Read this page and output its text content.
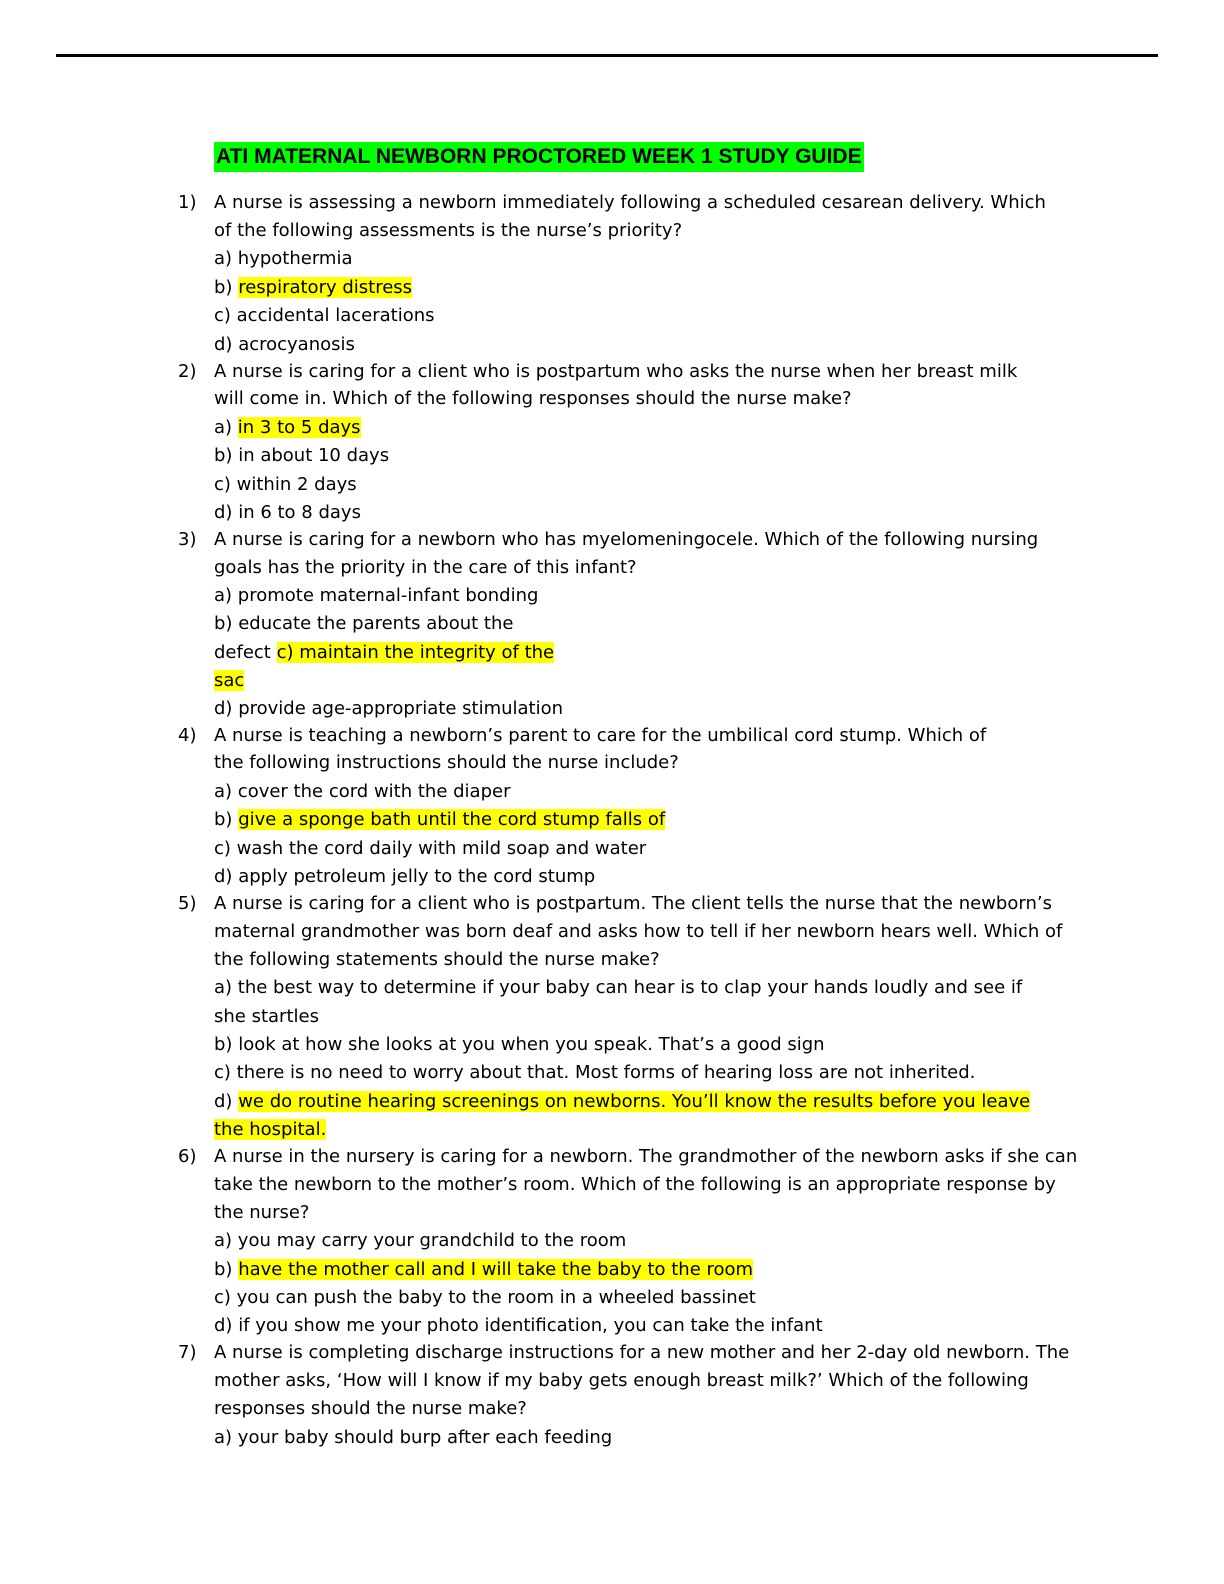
ATI MATERNAL NEWBORN PROCTORED WEEK 1 STUDY GUIDE
1) A nurse is assessing a newborn immediately following a scheduled cesarean delivery. Which
of the following assessments is the nurse’s priority?
a) hypothermia
b) respiratory distress
c) accidental lacerations
d) acrocyanosis
2) A nurse is caring for a client who is postpartum who asks the nurse when her breast milk
will come in. Which of the following responses should the nurse make?
a) in 3 to 5 days
b) in about 10 days
c) within 2 days
d) in 6 to 8 days
3) A nurse is caring for a newborn who has myelomeningocele. Which of the following nursing
goals has the priority in the care of this infant?
a) promote maternal-infant bonding
b) educate the parents about the
defect c) maintain the integrity of the
sac
d) provide age-appropriate stimulation
4) A nurse is teaching a newborn’s parent to care for the umbilical cord stump. Which of
the following instructions should the nurse include?
a) cover the cord with the diaper
b) give a sponge bath until the cord stump falls of
c) wash the cord daily with mild soap and water
d) apply petroleum jelly to the cord stump
5) A nurse is caring for a client who is postpartum. The client tells the nurse that the newborn’s
maternal grandmother was born deaf and asks how to tell if her newborn hears well. Which of
the following statements should the nurse make?
a) the best way to determine if your baby can hear is to clap your hands loudly and see if
she startles
b) look at how she looks at you when you speak. That’s a good sign
c) there is no need to worry about that. Most forms of hearing loss are not inherited.
d) we do routine hearing screenings on newborns. You’ll know the results before you leave
the hospital.
6) A nurse in the nursery is caring for a newborn. The grandmother of the newborn asks if she can
take the newborn to the mother’s room. Which of the following is an appropriate response by
the nurse?
a) you may carry your grandchild to the room
b) have the mother call and I will take the baby to the room
c) you can push the baby to the room in a wheeled bassinet
d) if you show me your photo identification, you can take the infant
7) A nurse is completing discharge instructions for a new mother and her 2-day old newborn. The
mother asks, ‘How will I know if my baby gets enough breast milk?’ Which of the following
responses should the nurse make?
a) your baby should burp after each feeding
